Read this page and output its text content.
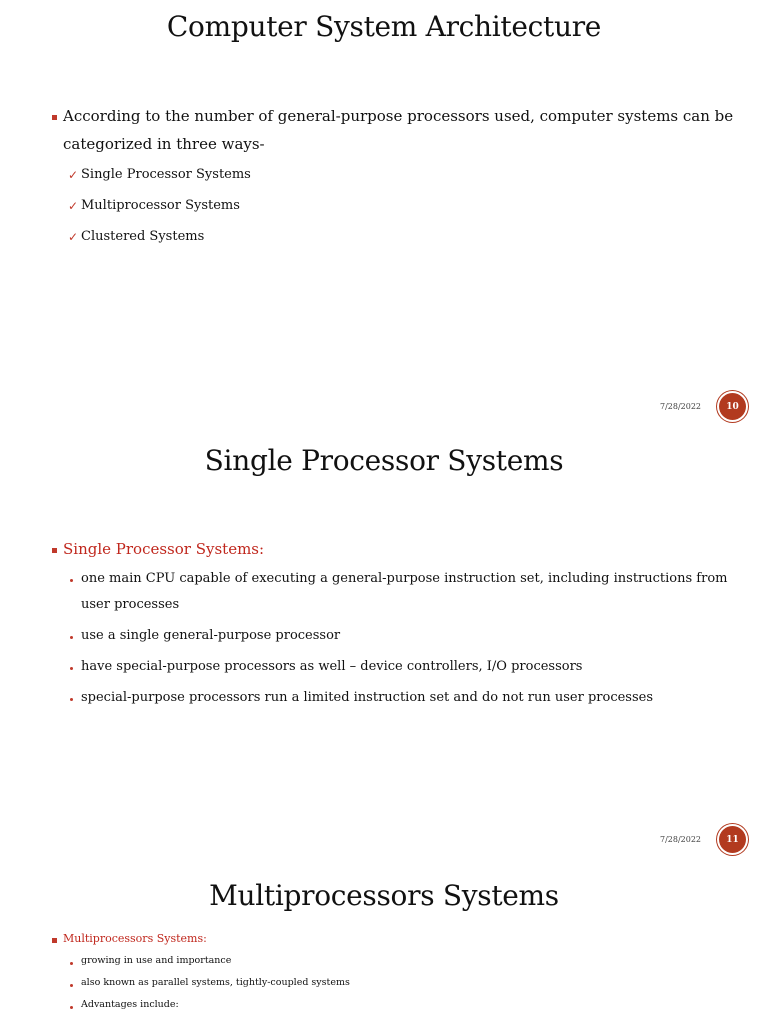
Computer System Architecture
According to the number of general-purpose processors used, computer systems can be
categorized in three ways-
✓ Single Processor Systems
✓ Multiprocessor Systems
✓ Clustered Systems
7/28/2022	10
Single Processor Systems
Single Processor Systems:
one main CPU capable of executing a general-purpose instruction set, including instructions from
user processes
use a single general-purpose processor
have special-purpose processors as well – device controllers, I/O processors
special-purpose processors run a limited instruction set and do not run user processes
7/28/2022	11
Multiprocessors Systems
Multiprocessors Systems:
growing in use and importance
also known as parallel systems, tightly-coupled systems
Advantages include:
